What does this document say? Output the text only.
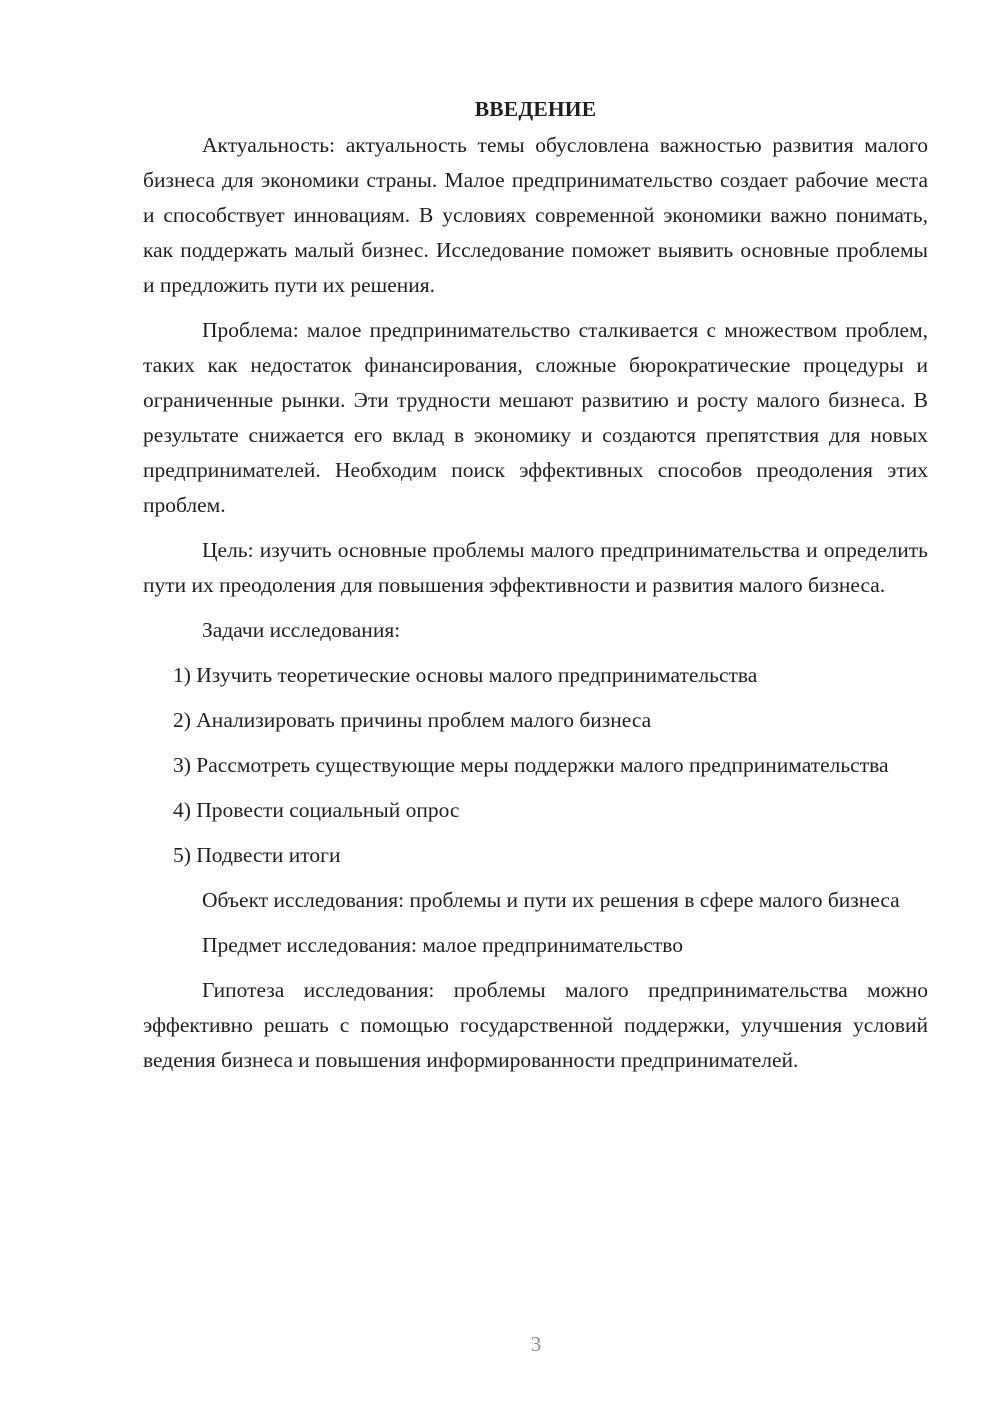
ВВЕДЕНИЕ

Актуальность: актуальность темы обусловлена важностью развития малого бизнеса для экономики страны. Малое предпринимательство создает рабочие места и способствует инновациям. В условиях современной экономики важно понимать, как поддержать малый бизнес. Исследование поможет выявить основные проблемы и предложить пути их решения.

Проблема: малое предпринимательство сталкивается с множеством проблем, таких как недостаток финансирования, сложные бюрократические процедуры и ограниченные рынки. Эти трудности мешают развитию и росту малого бизнеса. В результате снижается его вклад в экономику и создаются препятствия для новых предпринимателей. Необходим поиск эффективных способов преодоления этих проблем.

Цель: изучить основные проблемы малого предпринимательства и определить пути их преодоления для повышения эффективности и развития малого бизнеса.

Задачи исследования:

1) Изучить теоретические основы малого предпринимательства

2) Анализировать причины проблем малого бизнеса

3) Рассмотреть существующие меры поддержки малого предпринимательства

4) Провести социальный опрос

5) Подвести итоги

Объект исследования: проблемы и пути их решения в сфере малого бизнеса

Предмет исследования: малое предпринимательство

Гипотеза исследования: проблемы малого предпринимательства можно эффективно решать с помощью государственной поддержки, улучшения условий ведения бизнеса и повышения информированности предпринимателей.

3
